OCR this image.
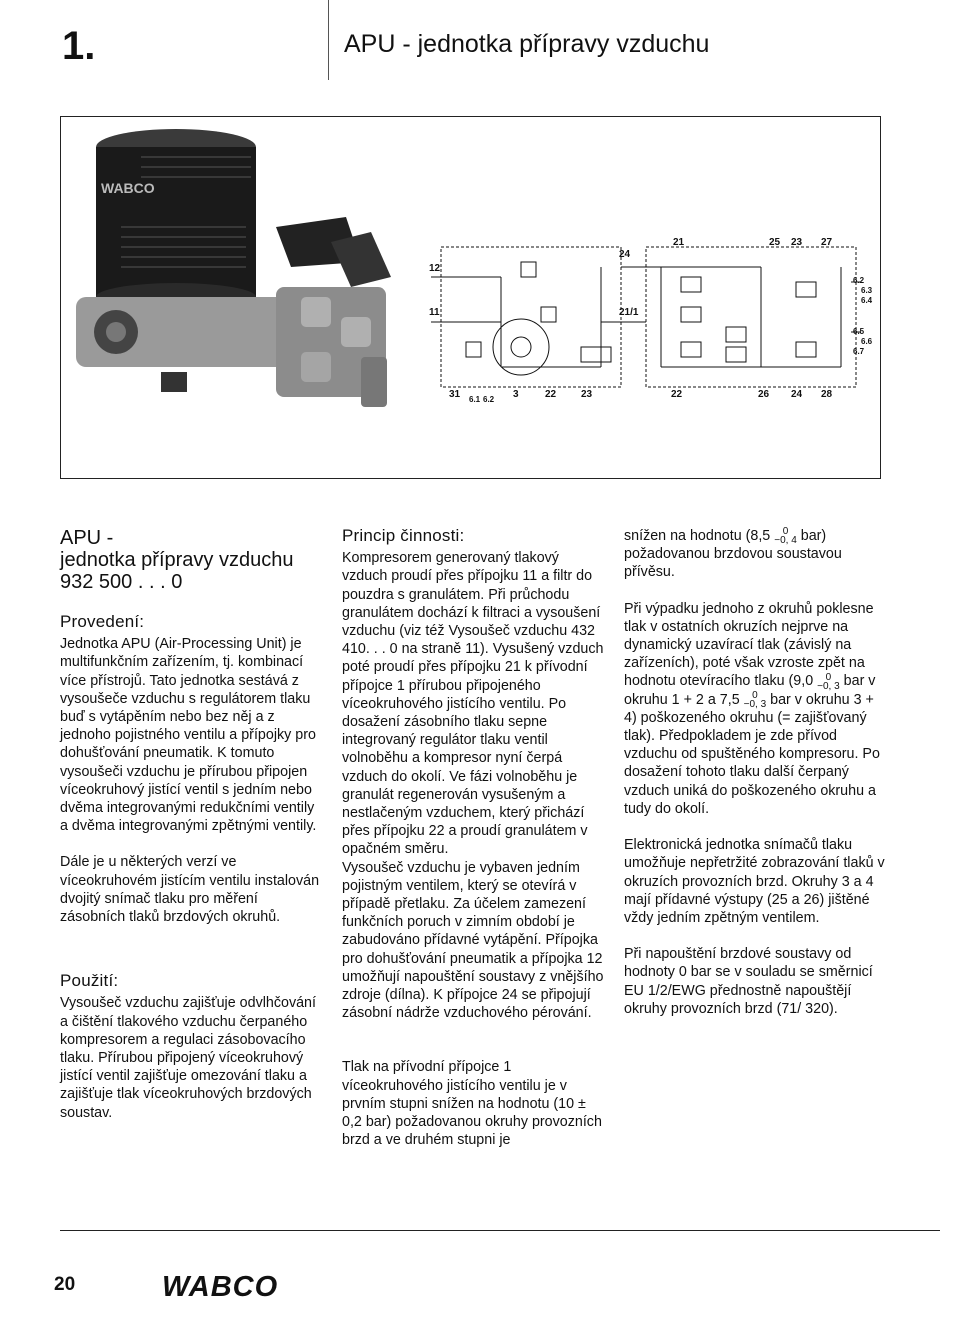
1.	APU - jednotka přípravy vzduchu
WABCO
12
11
24
21/1
21	25 23 27
6.2
6.3
6.4
6.5
6.6
6.7
31 6.1 6.2 3	22 23	22	26 24 28
APU -
jednotka přípravy vzduchu
932 500 . . . 0
Provedení:

Jednotka APU (Air-Processing Unit) je multifunkčním zařízením, tj. kombinací více přístrojů. Tato jednotka sestává z vysoušeče vzduchu s regulátorem tlaku buď s vytápěním nebo bez něj a z jednoho pojistného ventilu a přípojky pro dohušťování pneumatik. K tomuto vysoušeči vzduchu je přírubou připojen víceokruhový jistící ventil s jedním nebo dvěma integrovanými redukčními ventily a dvěma integrovanými zpětnými ventily.

Dále je u některých verzí ve víceokruhovém jistícím ventilu instalován dvojitý snímač tlaku pro měření zásobních tlaků brzdových okruhů.

Použití:

Vysoušeč vzduchu zajišťuje odvlhčování a čištění tlakového vzduchu čerpaného kompresorem a regulaci zásobovacího tlaku. Přírubou připojený víceokruhový jistící ventil zajišťuje omezování tlaku a zajišťuje tlak víceokruhových brzdových soustav.

Princip činnosti:

Kompresorem generovaný tlakový vzduch proudí přes přípojku 11 a filtr do pouzdra s granulátem. Při průchodu granulátem dochází k filtraci a vysoušení vzduchu (viz též Vysoušeč vzduchu 432 410. . . 0 na straně 11). Vysušený vzduch poté proudí přes přípojku 21 k přívodní přípojce 1 přírubou připojeného víceokruhového jistícího ventilu. Po dosažení zásobního tlaku sepne integrovaný regulátor tlaku ventil volnoběhu a kompresor nyní čerpá vzduch do okolí. Ve fázi volnoběhu je granulát regenerován vysušeným a nestlačeným vzduchem, který přichází přes přípojku 22 a proudí granulátem v opačném směru.

Vysoušeč vzduchu je vybaven jedním pojistným ventilem, který se otevírá v případě přetlaku. Za účelem zamezení funkčních poruch v zimním období je zabudováno přídavné vytápění. Přípojka pro dohušťování pneumatik a přípojka 12 umožňují napouštění soustavy z vnějšího zdroje (dílna). K přípojce 24 se připojují zásobní nádrže vzduchového pérování.

Tlak na přívodní přípojce 1 víceokruhového jistícího ventilu je v prvním stupni snížen na hodnotu (10 ± 0,2 bar) požadovanou okruhy provozních brzd a ve druhém stupni je

snížen na hodnotu (8,5 0
−0, 4 bar) požadovanou brzdovou soustavou přívěsu.

Při výpadku jednoho z okruhů poklesne tlak v ostatních okruzích nejprve na dynamický uzavírací tlak (závislý na zařízeních), poté však vzroste zpět na hodnotu otevíracího tlaku (9,0 0
−0, 3 bar v okruhu 1 + 2 a 7,5 0
−0, 3 bar v okruhu 3 + 4) poškozeného okruhu (= zajišťovaný tlak). Předpokladem je zde přívod vzduchu od spuštěného kompresoru. Po dosažení tohoto tlaku další čerpaný vzduch uniká do poškozeného okruhu a tudy do okolí.

Elektronická jednotka snímačů tlaku umožňuje nepřetržité zobrazování tlaků v okruzích provozních brzd. Okruhy 3 a 4 mají přídavné výstupy (25 a 26) jištěné vždy jedním zpětným ventilem.

Při napouštění brzdové soustavy od hodnoty 0 bar se v souladu se směrnicí EU 1/2/EWG přednostně napouštějí okruhy provozních brzd (71/ 320).

20	WABCO
